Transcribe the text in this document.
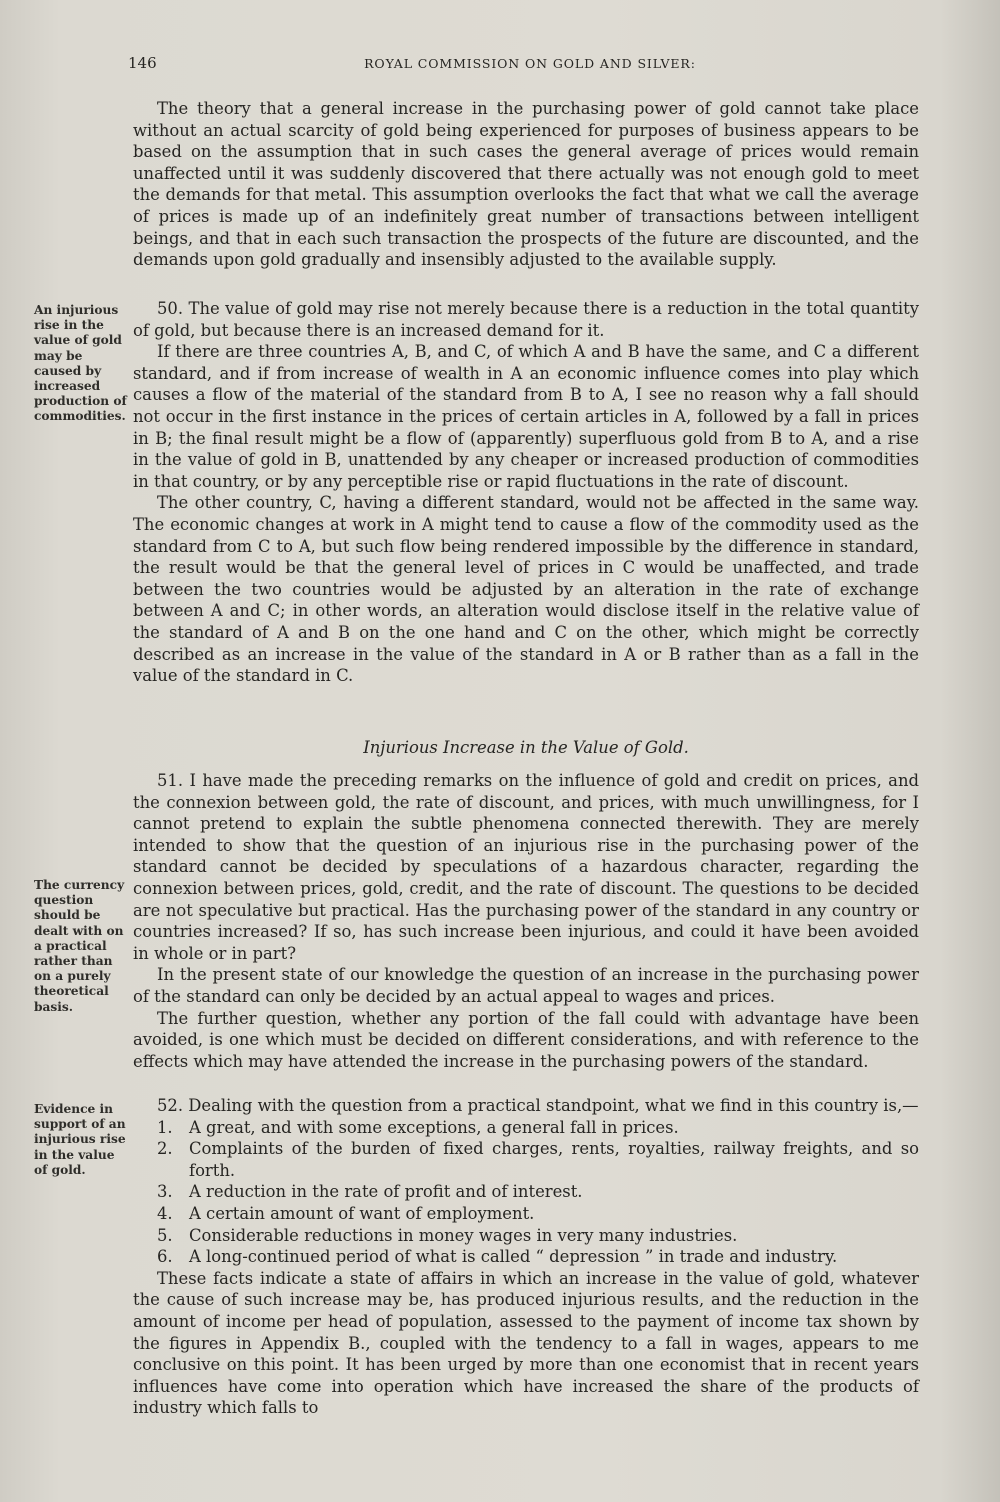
146	ROYAL COMMISSION ON GOLD AND SILVER:

The theory that a general increase in the purchasing power of gold cannot take place without an actual scarcity of gold being experienced for purposes of business appears to be based on the assumption that in such cases the general average of prices would remain unaffected until it was suddenly discovered that there actually was not enough gold to meet the demands for that metal. This assumption overlooks the fact that what we call the average of prices is made up of an indefinitely great number of transactions between intelligent beings, and that in each such transaction the prospects of the future are discounted, and the demands upon gold gradually and insensibly adjusted to the available supply.

An injurious rise in the value of gold may be caused by increased production of commodities.

50. The value of gold may rise not merely because there is a reduction in the total quantity of gold, but because there is an increased demand for it.

If there are three countries A, B, and C, of which A and B have the same, and C a different standard, and if from increase of wealth in A an economic influence comes into play which causes a flow of the material of the standard from B to A, I see no reason why a fall should not occur in the first instance in the prices of certain articles in A, followed by a fall in prices in B; the final result might be a flow of (apparently) superfluous gold from B to A, and a rise in the value of gold in B, unattended by any cheaper or increased production of commodities in that country, or by any perceptible rise or rapid fluctuations in the rate of discount.

The other country, C, having a different standard, would not be affected in the same way. The economic changes at work in A might tend to cause a flow of the commodity used as the standard from C to A, but such flow being rendered impossible by the difference in standard, the result would be that the general level of prices in C would be unaffected, and trade between the two countries would be adjusted by an alteration in the rate of exchange between A and C; in other words, an alteration would disclose itself in the relative value of the standard of A and B on the one hand and C on the other, which might be correctly described as an increase in the value of the standard in A or B rather than as a fall in the value of the standard in C.

Injurious Increase in the Value of Gold.
The currency question should be dealt with on a practical rather than on a purely theoretical basis.

51. I have made the preceding remarks on the influence of gold and credit on prices, and the connexion between gold, the rate of discount, and prices, with much unwillingness, for I cannot pretend to explain the subtle phenomena connected therewith. They are merely intended to show that the question of an injurious rise in the purchasing power of the standard cannot be decided by speculations of a hazardous character, regarding the connexion between prices, gold, credit, and the rate of discount. The questions to be decided are not speculative but practical. Has the purchasing power of the standard in any country or countries increased? If so, has such increase been injurious, and could it have been avoided in whole or in part?

In the present state of our knowledge the question of an increase in the purchasing power of the standard can only be decided by an actual appeal to wages and prices.

The further question, whether any portion of the fall could with advantage have been avoided, is one which must be decided on different considerations, and with reference to the effects which may have attended the increase in the purchasing powers of the standard.

Evidence in support of an injurious rise in the value of gold.

52. Dealing with the question from a practical standpoint, what we find in this country is,—

1. A great, and with some exceptions, a general fall in prices.
2. Complaints of the burden of fixed charges, rents, royalties, railway freights, and so forth.
3. A reduction in the rate of profit and of interest.
4. A certain amount of want of employment.
5. Considerable reductions in money wages in very many industries.
6. A long-continued period of what is called “ depression ” in trade and industry.

These facts indicate a state of affairs in which an increase in the value of gold, whatever the cause of such increase may be, has produced injurious results, and the reduction in the amount of income per head of population, assessed to the payment of income tax shown by the figures in Appendix B., coupled with the tendency to a fall in wages, appears to me conclusive on this point. It has been urged by more than one economist that in recent years influences have come into operation which have increased the share of the products of industry which falls to
